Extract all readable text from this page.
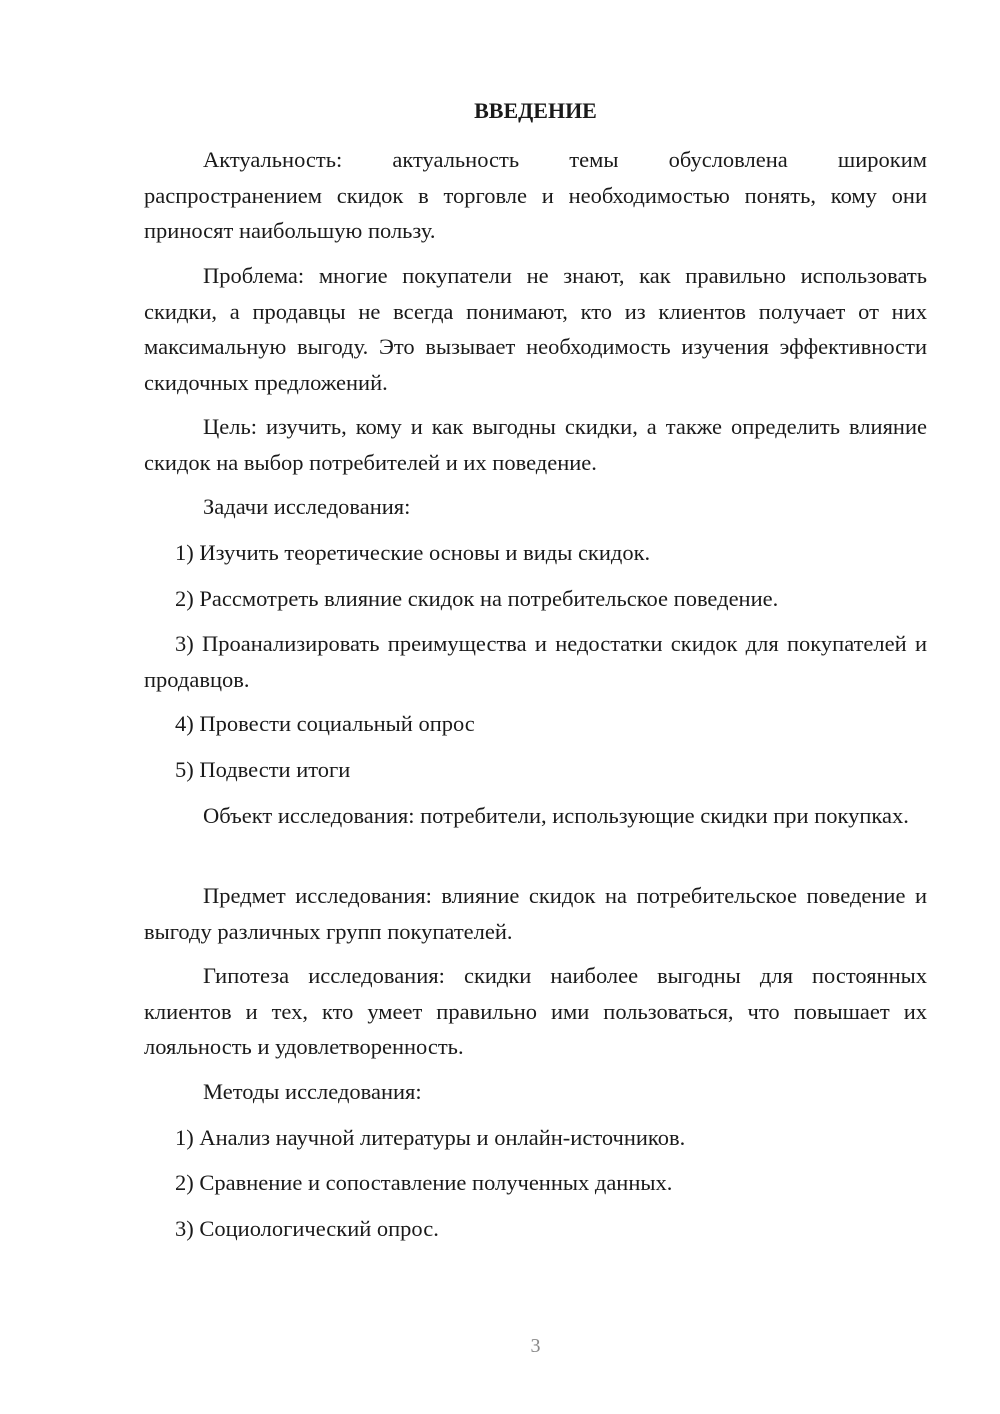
ВВЕДЕНИЕ
Актуальность: актуальность темы обусловлена широким распространением скидок в торговле и необходимостью понять, кому они приносят наибольшую пользу.
Проблема: многие покупатели не знают, как правильно использовать скидки, а продавцы не всегда понимают, кто из клиентов получает от них максимальную выгоду. Это вызывает необходимость изучения эффективности скидочных предложений.
Цель: изучить, кому и как выгодны скидки, а также определить влияние скидок на выбор потребителей и их поведение.
Задачи исследования:
1) Изучить теоретические основы и виды скидок.
2) Рассмотреть влияние скидок на потребительское поведение.
3) Проанализировать преимущества и недостатки скидок для покупателей и продавцов.
4) Провести социальный опрос
5) Подвести итоги
Объект исследования: потребители, использующие скидки при покупках.
Предмет исследования: влияние скидок на потребительское поведение и выгоду различных групп покупателей.
Гипотеза исследования: скидки наиболее выгодны для постоянных клиентов и тех, кто умеет правильно ими пользоваться, что повышает их лояльность и удовлетворенность.
Методы исследования:
1) Анализ научной литературы и онлайн-источников.
2) Сравнение и сопоставление полученных данных.
3) Социологический опрос.
3
